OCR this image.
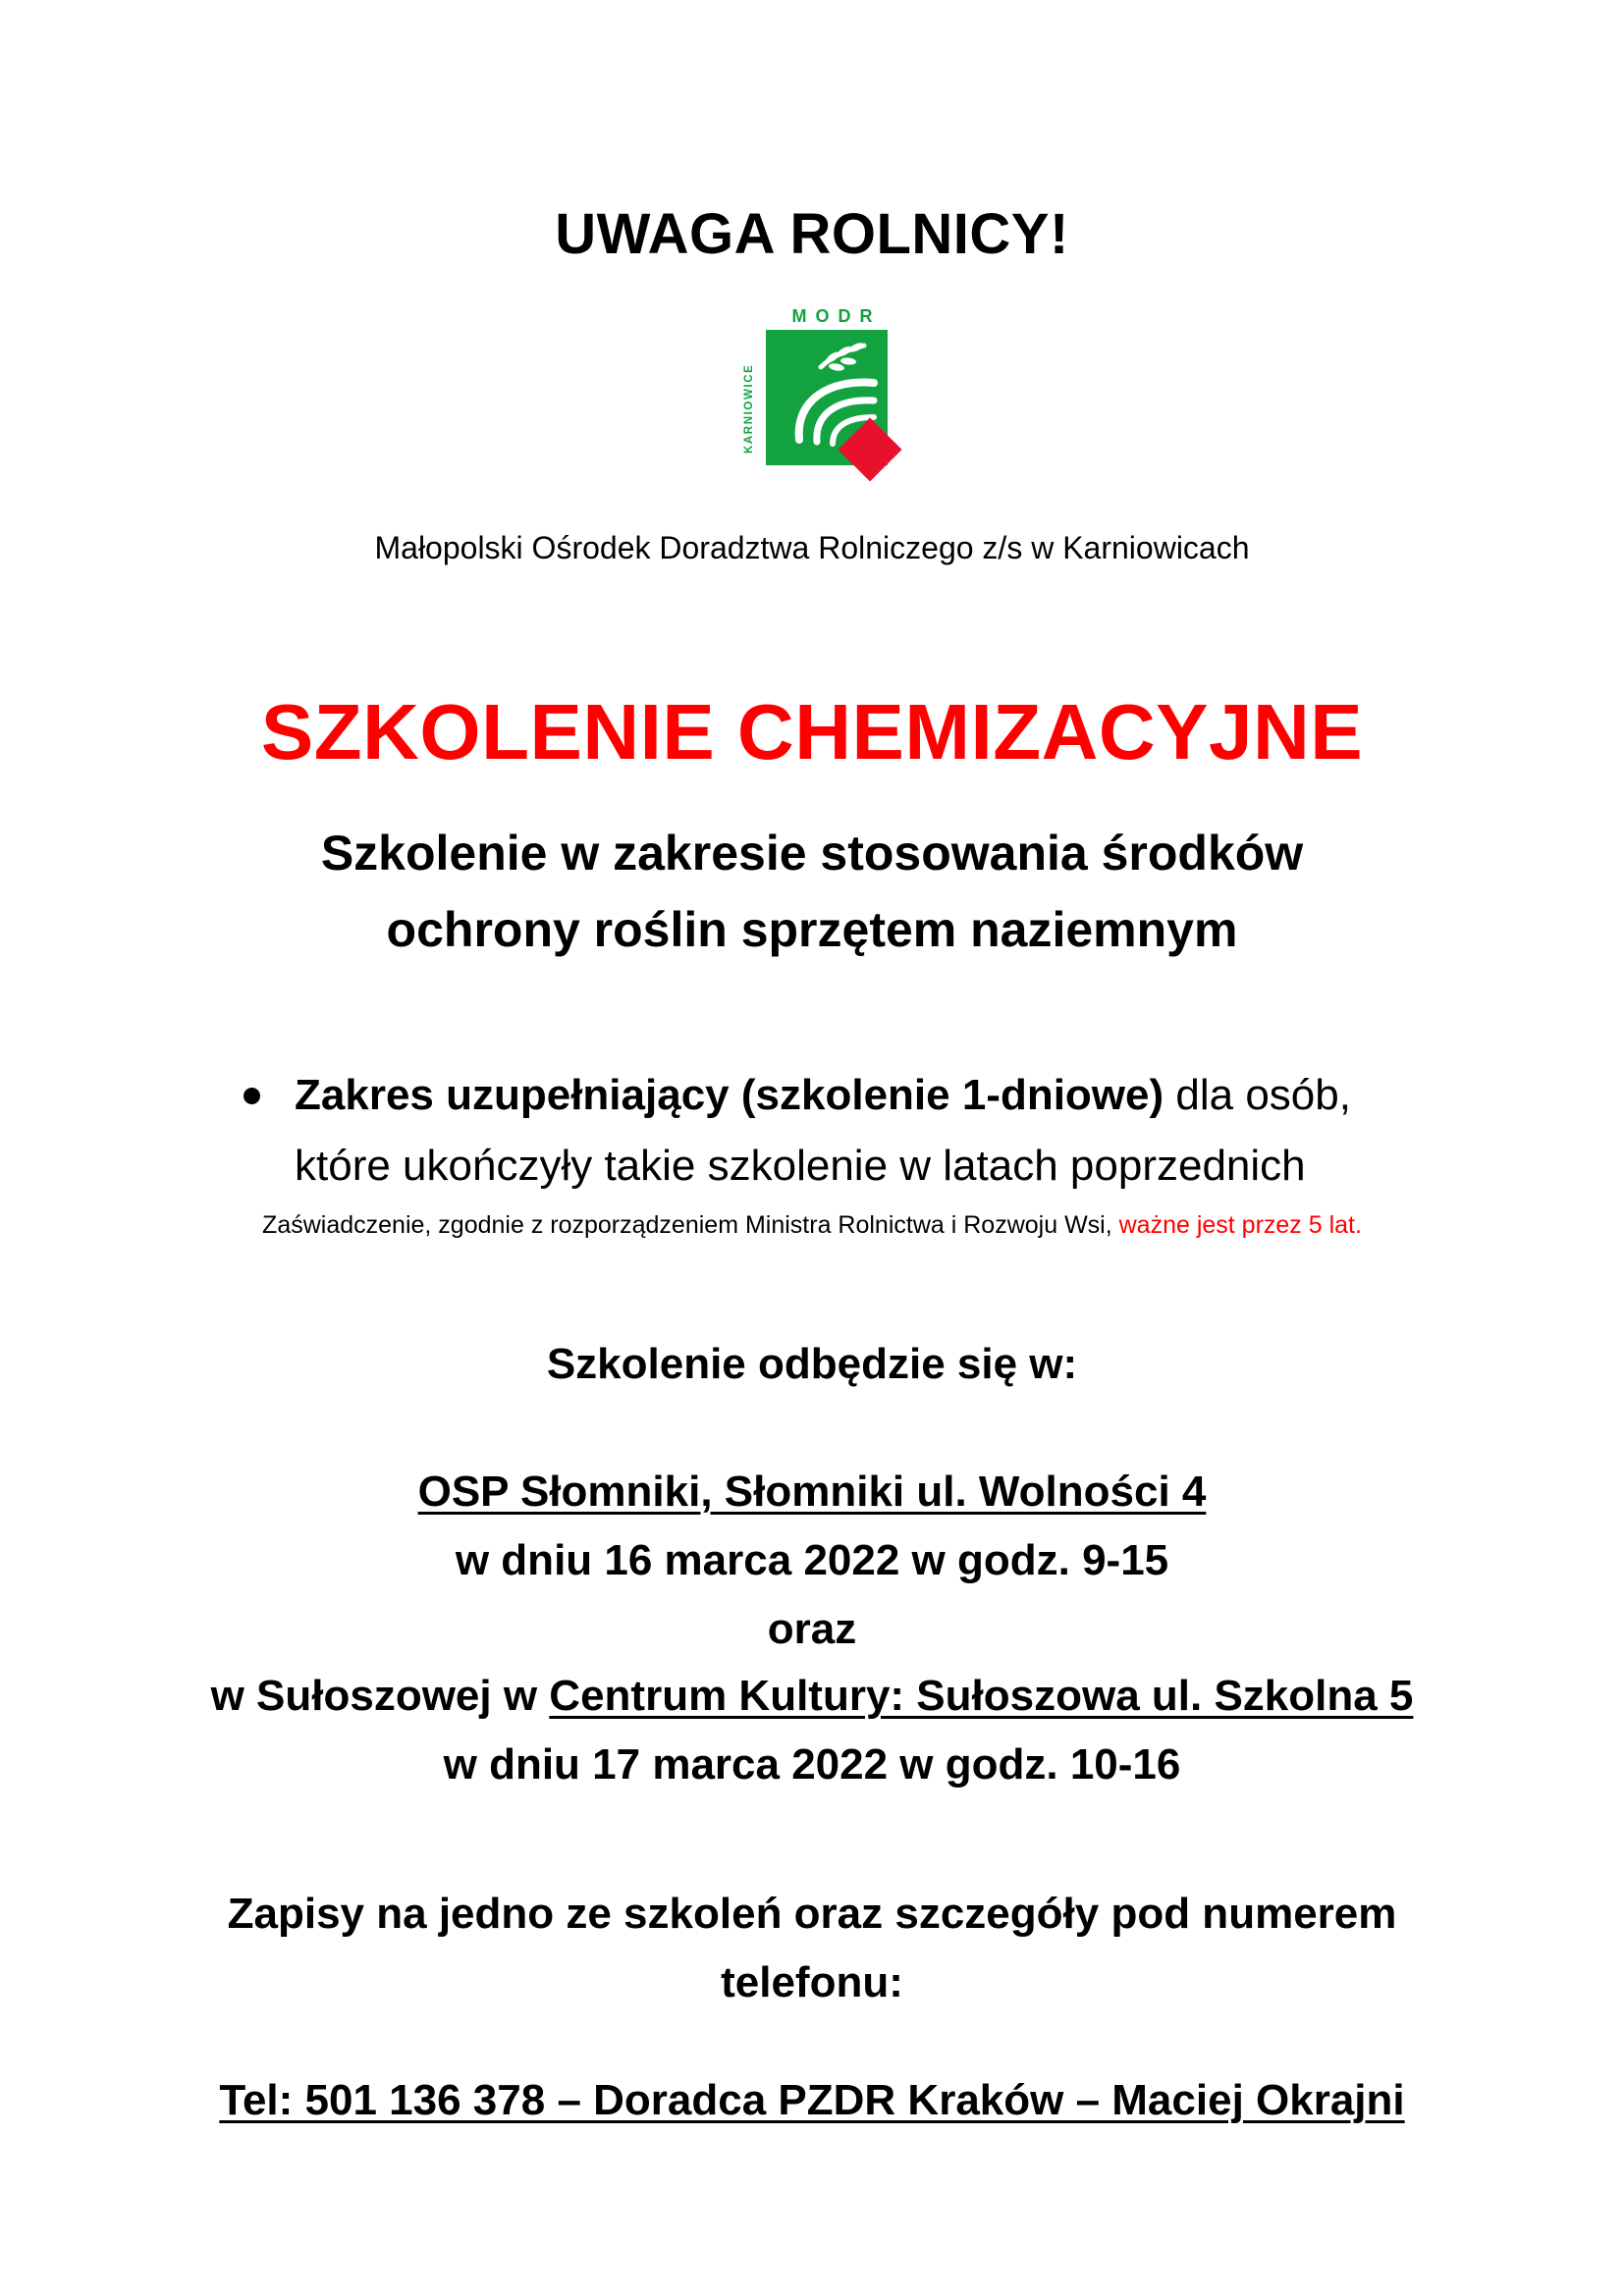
UWAGA ROLNICY!
MODR
KARNIOWICE
Małopolski Ośrodek Doradztwa Rolniczego z/s w Karniowicach
SZKOLENIE CHEMIZACYJNE
Szkolenie w zakresie stosowania środków
ochrony roślin sprzętem naziemnym
Zakres uzupełniający (szkolenie 1-dniowe) dla osób,
które ukończyły takie szkolenie w latach poprzednich
Zaświadczenie, zgodnie z rozporządzeniem Ministra Rolnictwa i Rozwoju Wsi, ważne jest przez 5 lat.
Szkolenie odbędzie się w:
OSP Słomniki, Słomniki ul. Wolności 4
w dniu 16 marca 2022 w godz. 9-15
oraz
w Sułoszowej w Centrum Kultury: Sułoszowa ul. Szkolna 5
w dniu 17 marca 2022 w godz. 10-16
Zapisy na jedno ze szkoleń oraz szczegóły pod numerem
telefonu:
Tel: 501 136 378 – Doradca PZDR Kraków – Maciej Okrajni
